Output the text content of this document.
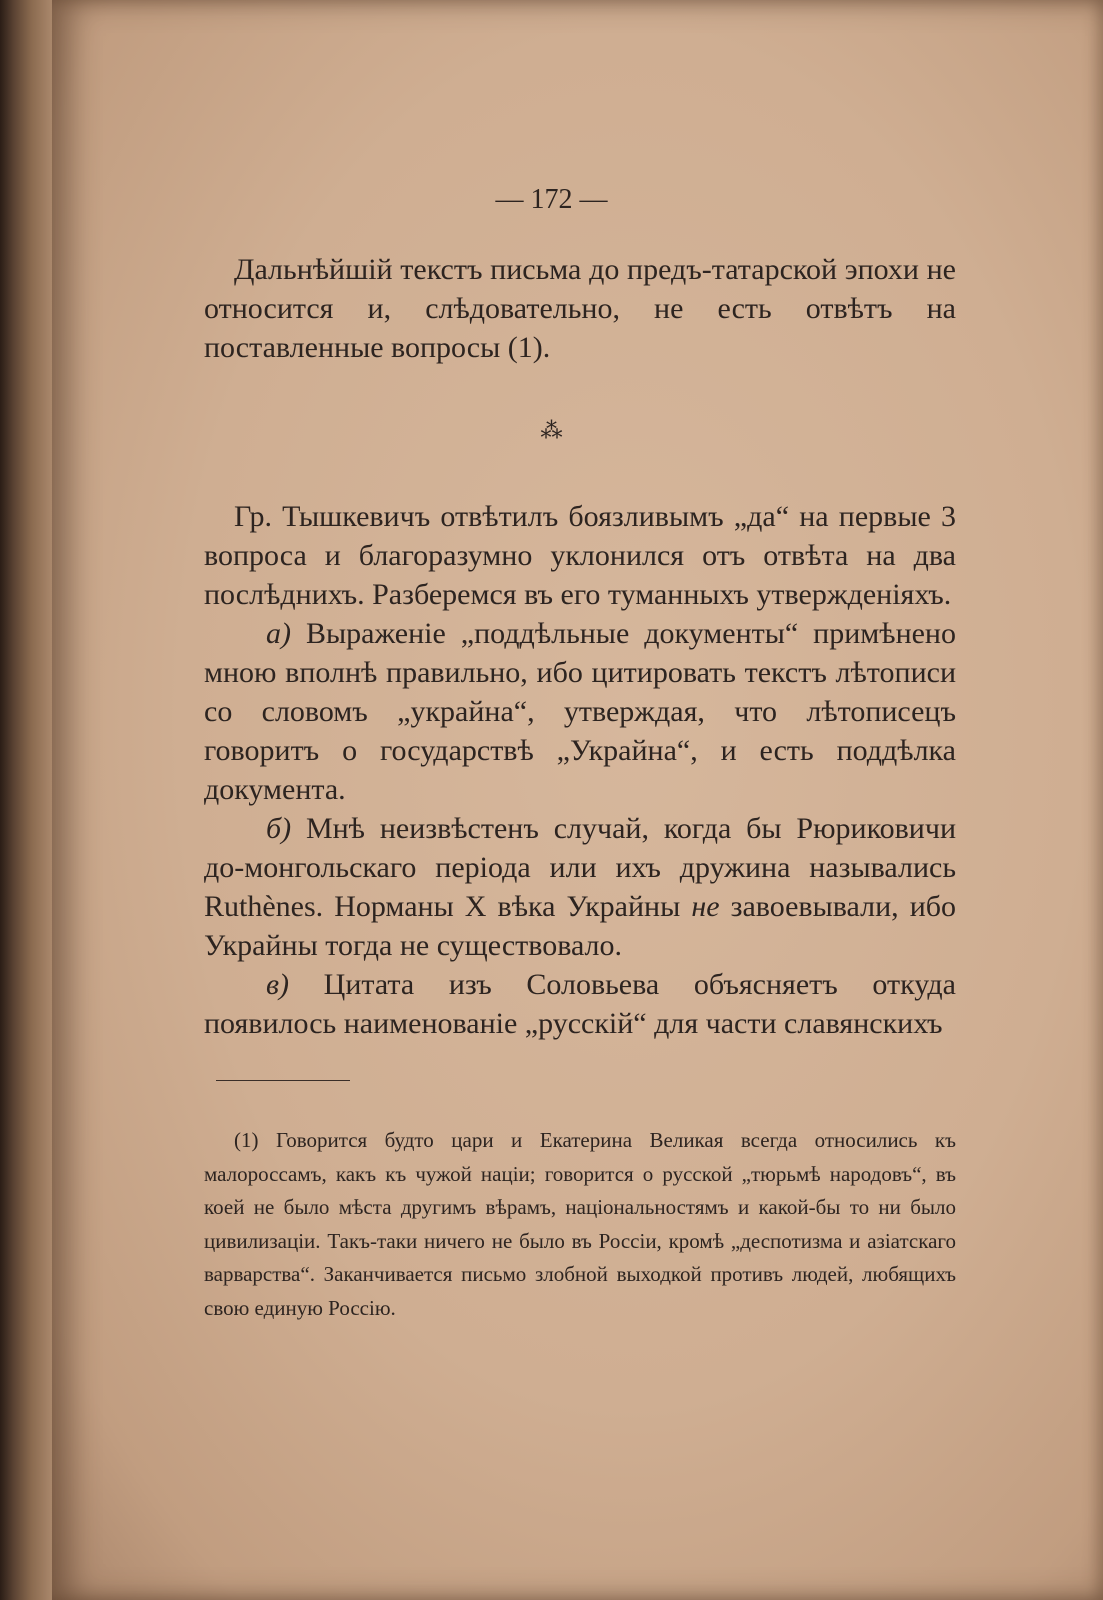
— 172 —
Дальнѣйшій текстъ письма до предъ-татарской эпохи не относится и, слѣдовательно, не есть отвѣтъ на поставленные вопросы (1).
⁂

Гр. Тышкевичъ отвѣтилъ боязливымъ „да“ на первые 3 вопроса и благоразумно уклонился отъ отвѣта на два послѣднихъ. Разберемся въ его туманныхъ утвержденіяхъ.

а) Выраженіе „поддѣльные документы“ примѣнено мною вполнѣ правильно, ибо цитировать текстъ лѣтописи со словомъ „украйна“, утверждая, что лѣтописецъ говоритъ о государствѣ „Украйна“, и есть поддѣлка документа.

б) Мнѣ неизвѣстенъ случай, когда бы Рюриковичи до-монгольскаго періода или ихъ дружина назывались Ruthènes. Норманы X вѣка Украйны не завоевывали, ибо Украйны тогда не существовало.

в) Цитата изъ Соловьева объясняетъ откуда появилось наименованіе „русскій“ для части славянскихъ

(1) Говорится будто цари и Екатерина Великая всегда относились къ малороссамъ, какъ къ чужой націи; говорится о русской „тюрьмѣ народовъ“, въ коей не было мѣста другимъ вѣрамъ, національностямъ и какой-бы то ни было цивилизаціи. Такъ-таки ничего не было въ Россіи, кромѣ „деспотизма и азіатскаго варварства“. Заканчивается письмо злобной выходкой противъ людей, любящихъ свою единую Россію.
